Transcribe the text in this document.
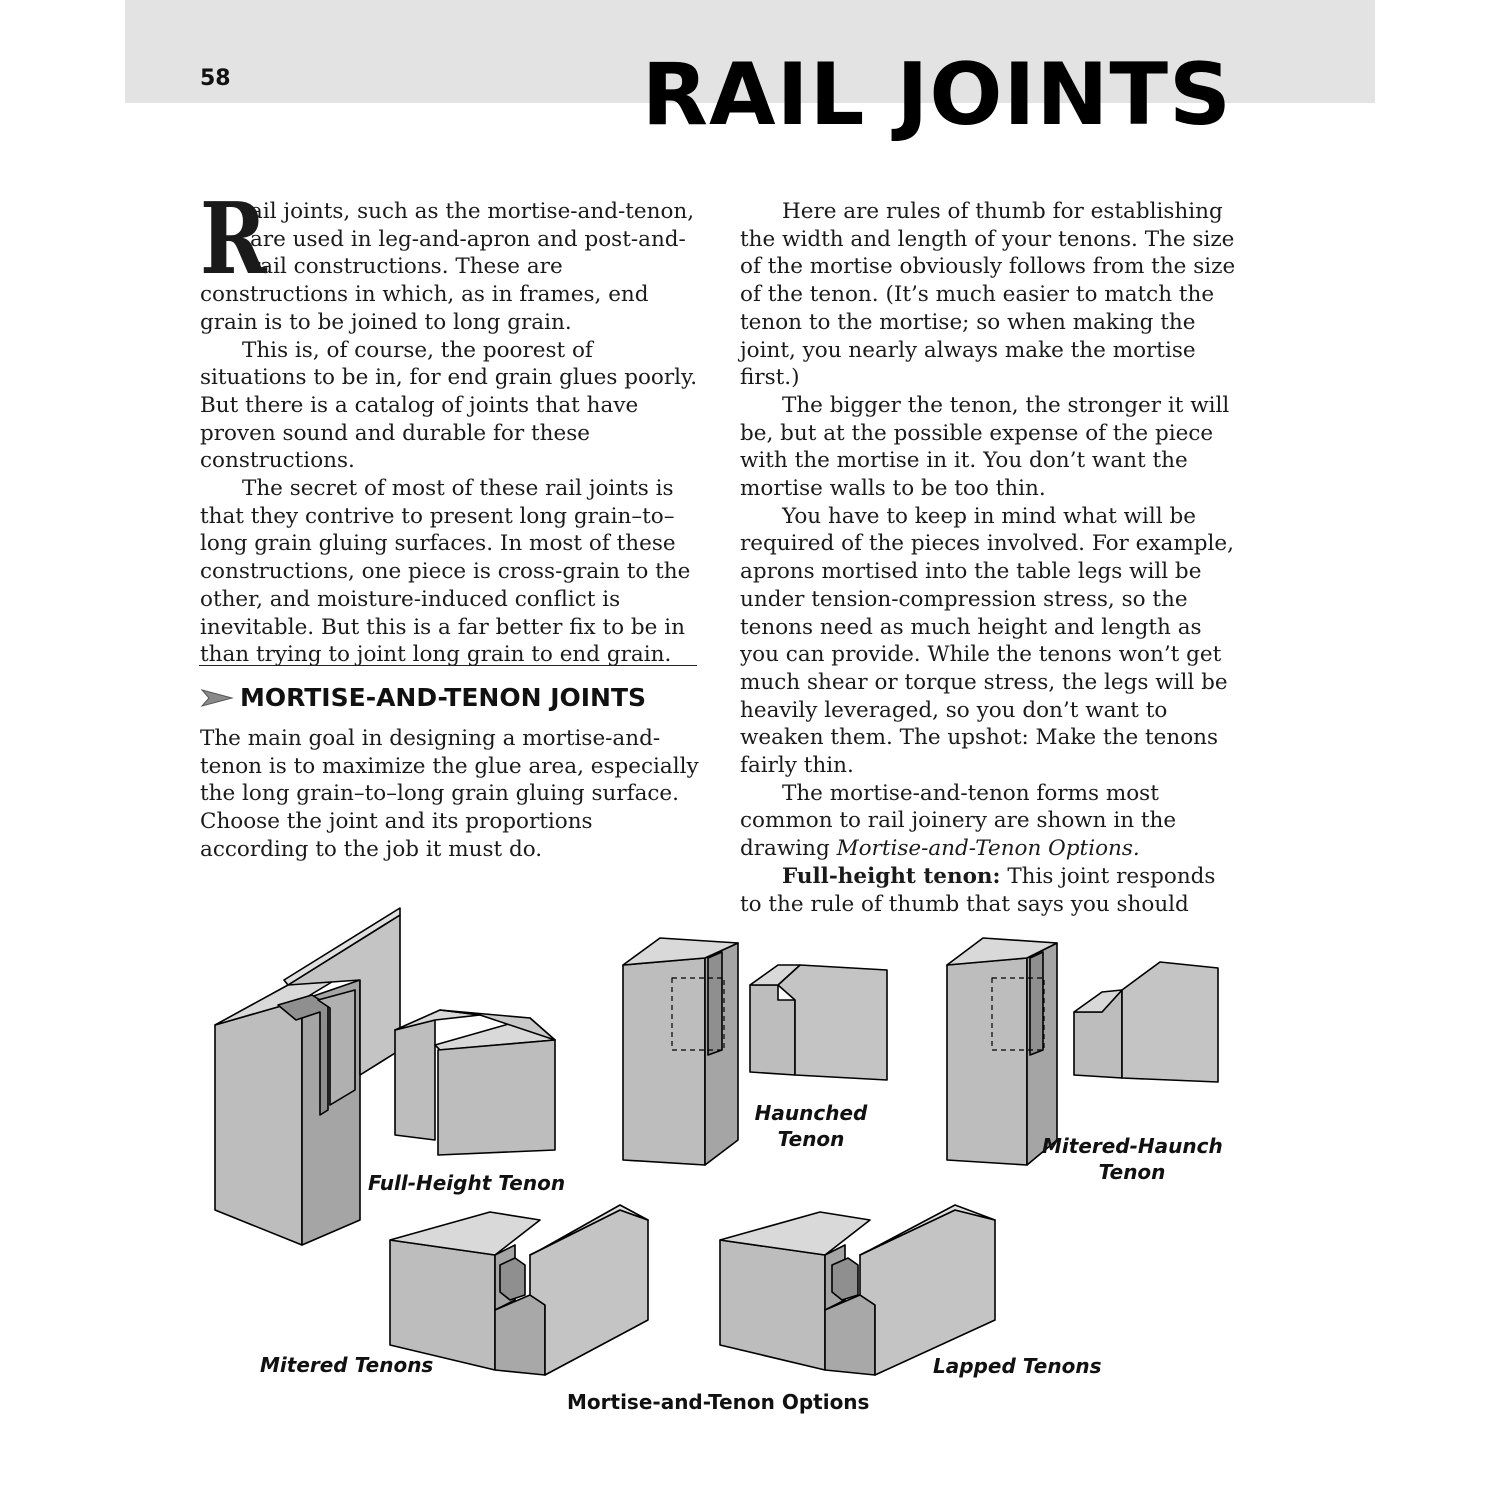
58	RAIL JOINTS

R
ail joints, such as the mortise-and-tenon, are used in leg-and-apron and post-and-rail constructions. These are constructions in which, as in frames, end grain is to be joined to long grain.

This is, of course, the poorest of situations to be in, for end grain glues poorly. But there is a catalog of joints that have proven sound and durable for these constructions.

The secret of most of these rail joints is that they contrive to present long grain–to–long grain gluing surfaces. In most of these constructions, one piece is cross-grain to the other, and moisture-induced conflict is inevitable. But this is a far better fix to be in than trying to joint long grain to end grain.

MORTISE-AND-TENON JOINTS

The main goal in designing a mortise-and-tenon is to maximize the glue area, especially the long grain–to–long grain gluing surface. Choose the joint and its proportions according to the job it must do.

Here are rules of thumb for establishing the width and length of your tenons. The size of the mortise obviously follows from the size of the tenon. (It’s much easier to match the tenon to the mortise; so when making the joint, you nearly always make the mortise first.)

The bigger the tenon, the stronger it will be, but at the possible expense of the piece with the mortise in it. You don’t want the mortise walls to be too thin.

You have to keep in mind what will be required of the pieces involved. For example, aprons mortised into the table legs will be under tension-compression stress, so the tenons need as much height and length as you can provide. While the tenons won’t get much shear or torque stress, the legs will be heavily leveraged, so you don’t want to weaken them. The upshot: Make the tenons fairly thin.

The mortise-and-tenon forms most common to rail joinery are shown in the drawing Mortise-and-Tenon Options.

Full-height tenon: This joint responds to the rule of thumb that says you should

Full-Height Tenon
Haunched
Tenon	Mitered-Haunch
Tenon
Mitered Tenons	Lapped Tenons
Mortise-and-Tenon Options
